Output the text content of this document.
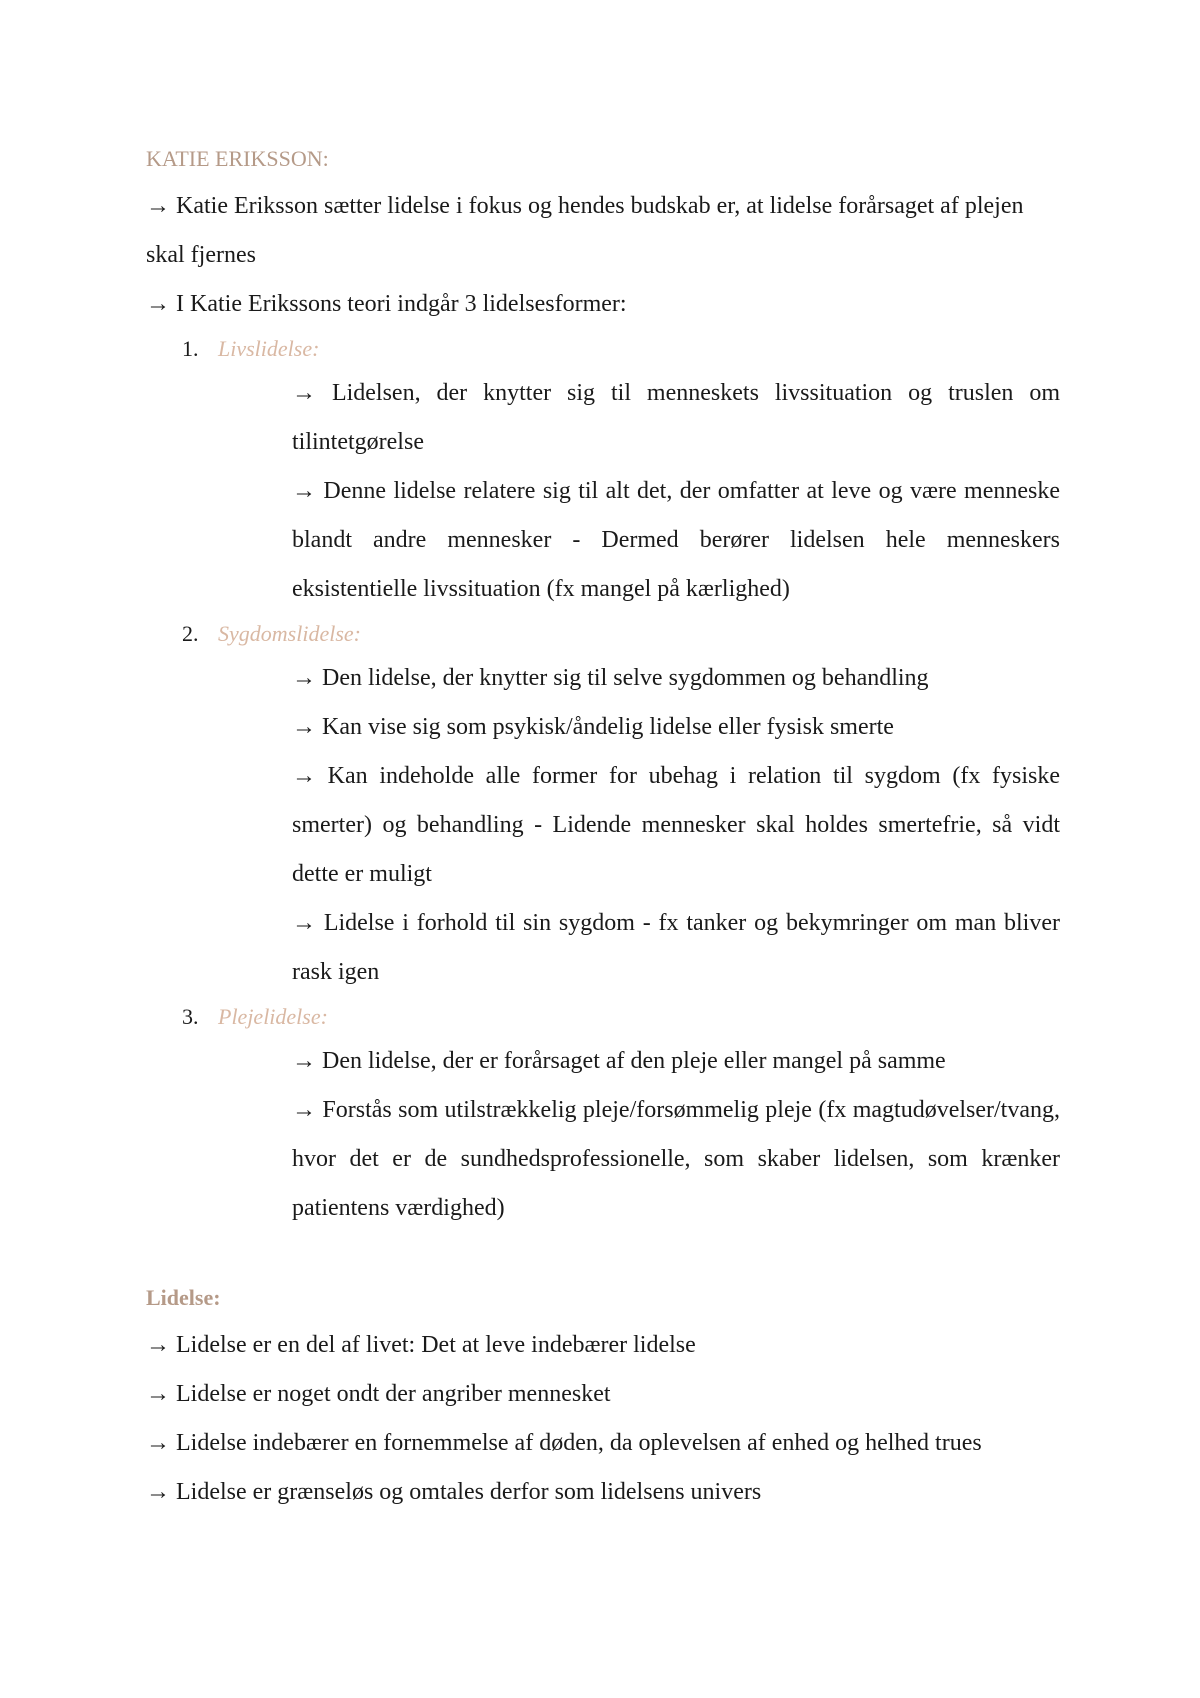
KATIE ERIKSSON:

→ Katie Eriksson sætter lidelse i fokus og hendes budskab er, at lidelse forårsaget af plejen skal fjernes

→ I Katie Erikssons teori indgår 3 lidelsesformer:

1. Livslidelse:

→ Lidelsen, der knytter sig til menneskets livssituation og truslen om tilintetgørelse

→ Denne lidelse relatere sig til alt det, der omfatter at leve og være menneske blandt andre mennesker - Dermed berører lidelsen hele menneskers eksistentielle livssituation (fx mangel på kærlighed)

2. Sygdomslidelse:

→ Den lidelse, der knytter sig til selve sygdommen og behandling

→ Kan vise sig som psykisk/åndelig lidelse eller fysisk smerte

→ Kan indeholde alle former for ubehag i relation til sygdom (fx fysiske smerter) og behandling - Lidende mennesker skal holdes smertefrie, så vidt dette er muligt

→ Lidelse i forhold til sin sygdom - fx tanker og bekymringer om man bliver rask igen

3. Plejelidelse:

→ Den lidelse, der er forårsaget af den pleje eller mangel på samme

→ Forstås som utilstrækkelig pleje/forsømmelig pleje (fx magtudøvelser/tvang, hvor det er de sundhedsprofessionelle, som skaber lidelsen, som krænker patientens værdighed)

Lidelse:

→ Lidelse er en del af livet: Det at leve indebærer lidelse

→ Lidelse er noget ondt der angriber mennesket

→ Lidelse indebærer en fornemmelse af døden, da oplevelsen af enhed og helhed trues

→ Lidelse er grænseløs og omtales derfor som lidelsens univers
